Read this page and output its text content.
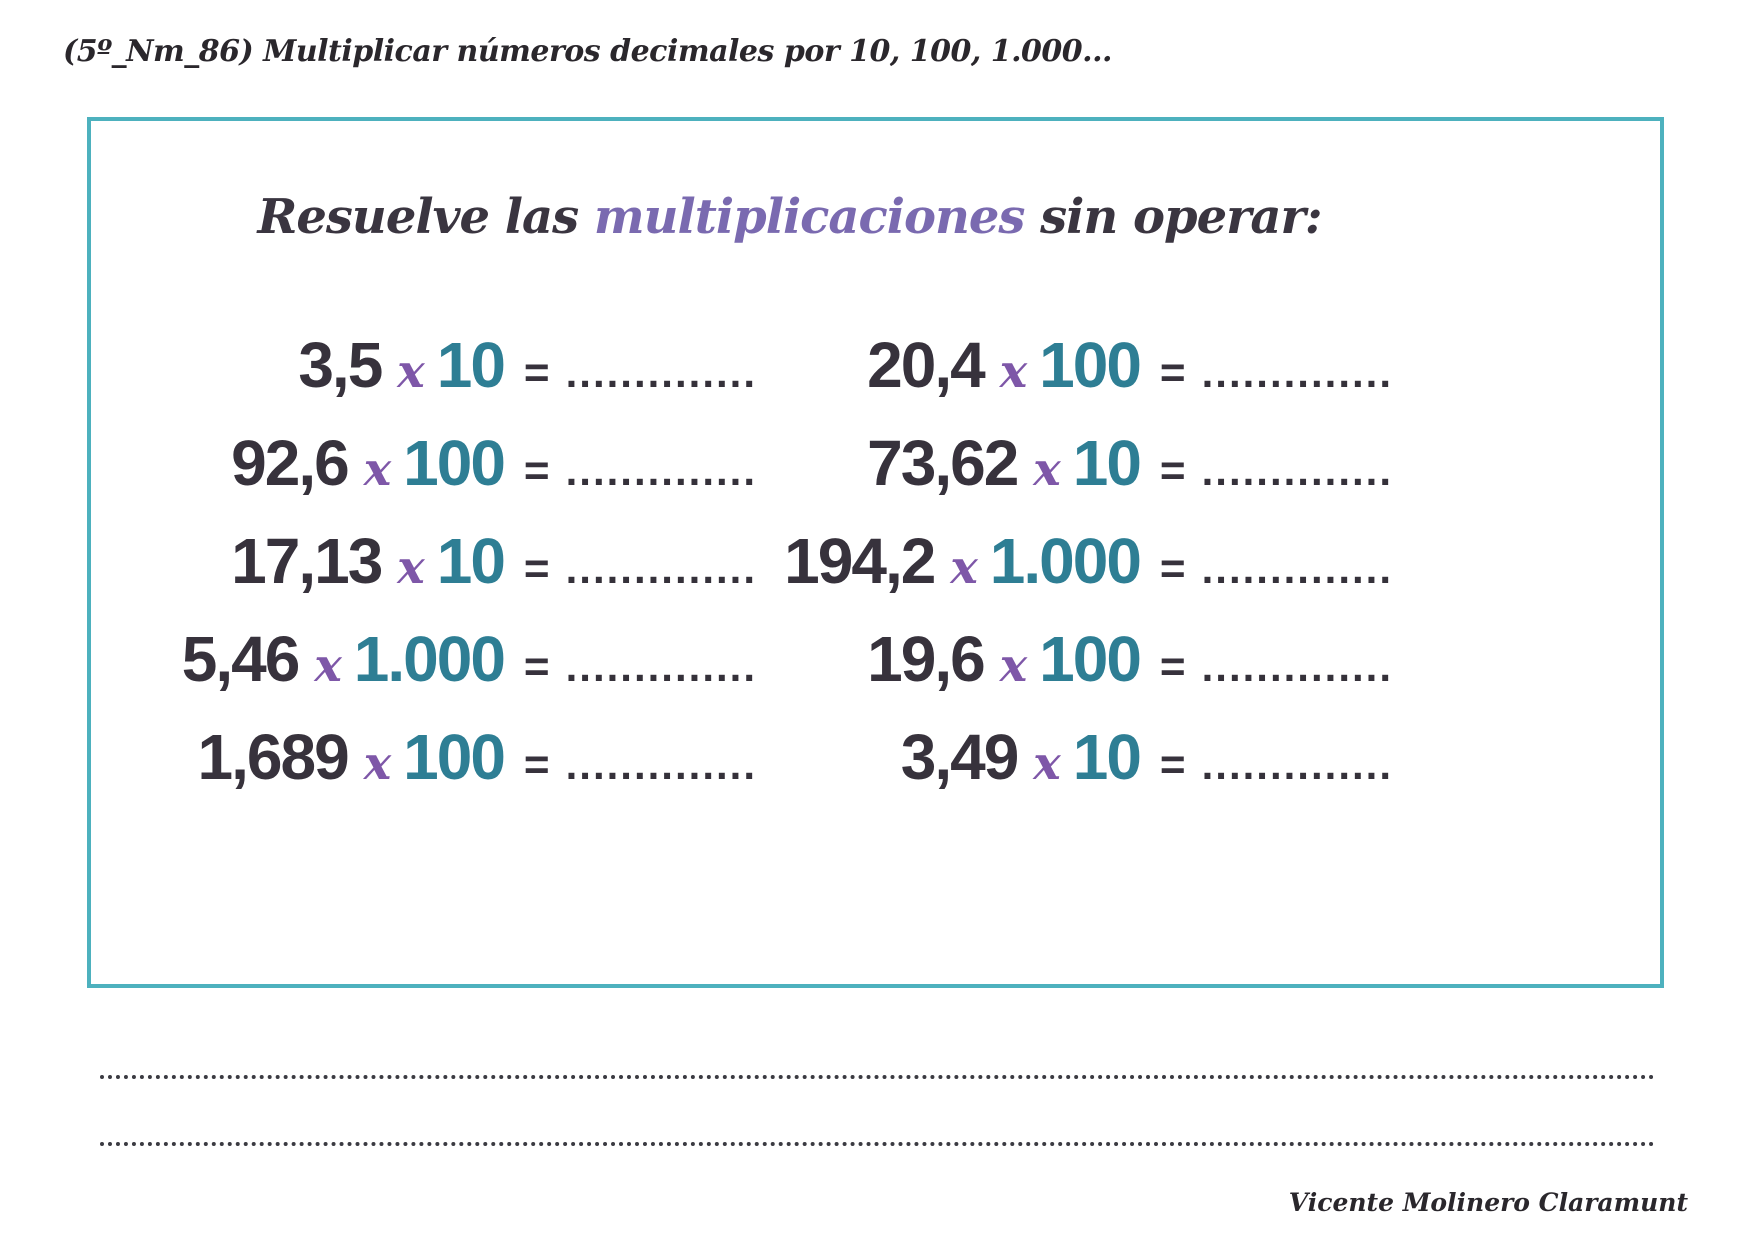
(5º_Nm_86) Multiplicar números decimales por 10, 100, 1.000...
Resuelve las multiplicaciones sin operar:
3,5 x 10 = ..............	20,4 x 100 = ..............
92,6 x 100 = ..............	73,62 x 10 = ..............
17,13 x 10 = .............. 194,2 x 1.000 = ..............
5,46 x 1.000 = ..............	19,6 x 100 = ..............
1,689 x 100 = ..............	3,49 x 10 = ..............
Vicente Molinero Claramunt
